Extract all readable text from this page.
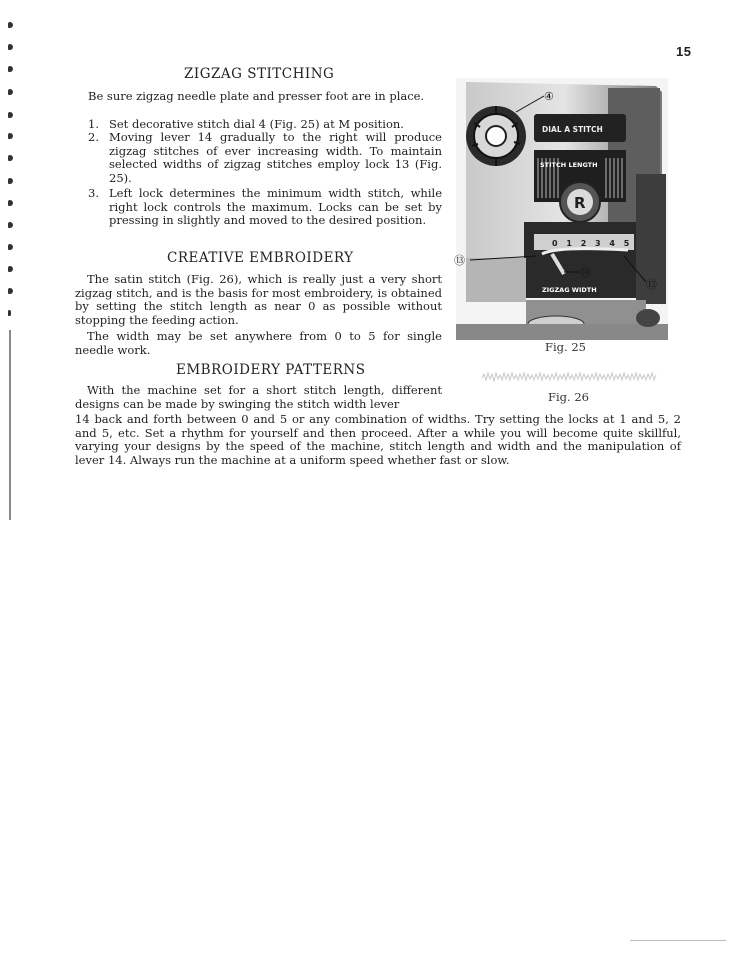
15
ZIGZAG STITCHING

Be sure zigzag needle plate and presser foot are in place.

1. Set decorative stitch dial 4 (Fig. 25) at M position.
2. Moving lever 14 gradually to the right will produce zigzag stitches of ever increasing width. To maintain selected widths of zigzag stitches employ lock 13 (Fig. 25).
3. Left lock determines the minimum width stitch, while right lock controls the maximum. Locks can be set by pressing in slightly and moved to the desired position.
CREATIVE EMBROIDERY

The satin stitch (Fig. 26), which is really just a very short zigzag stitch, and is the basis for most embroidery, is obtained by setting the stitch length as near 0 as possible without stopping the feeding action.

The width may be set anywhere from 0 to 5 for single needle work.

EMBROIDERY PATTERNS

With the machine set for a short stitch length, different designs can be made by swinging the stitch width lever

14 back and forth between 0 and 5 or any combination of widths. Try setting the locks at 1 and 5, 2 and 5, etc. Set a rhythm for yourself and then proceed. After a while you will become quite skillful, varying your designs by the speed of the machine, stitch length and width and the manipulation of lever 14. Always run the machine at a uniform speed whether fast or slow.

DIAL A STITCH
STITCH LENGTH
R
0 1 2 3 4 5
ZIGZAG WIDTH
④
⑬
⑭
⑬
Fig. 25
Fig. 26
